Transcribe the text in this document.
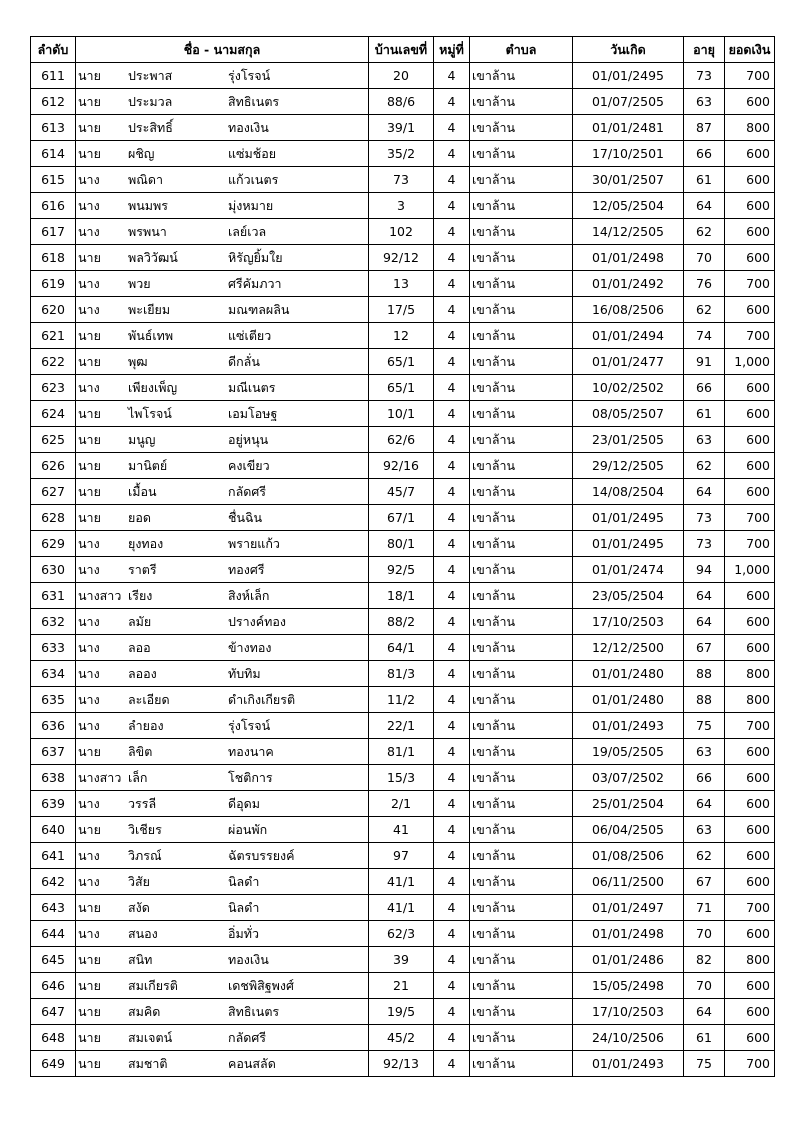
ลำดับ	ชื่อ - นามสกุล	บ้านเลขที่	หมู่ที่	ตำบล	วันเกิด	อายุ	ยอดเงิน
611	นาย ประพาส รุ่งโรจน์	20	4	เขาล้าน	01/01/2495	73	700
612	นาย ประมวล สิทธิเนตร	88/6	4	เขาล้าน	01/07/2505	63	600
613	นาย ประสิทธิ์ ทองเงิน	39/1	4	เขาล้าน	01/01/2481	87	800
614	นาย ผชิญ แซ่มช้อย	35/2	4	เขาล้าน	17/10/2501	66	600
615	นาง พณิดา แก้วเนตร	73	4	เขาล้าน	30/01/2507	61	600
616	นาง พนมพร มุ่งหมาย	3	4	เขาล้าน	12/05/2504	64	600
617	นาง พรพนา เลย์เวล	102	4	เขาล้าน	14/12/2505	62	600
618	นาย พลวิวัฒน์ หิรัญยิ้มใย	92/12	4	เขาล้าน	01/01/2498	70	600
619	นาง พวย ศรีคัมภวา	13	4	เขาล้าน	01/01/2492	76	700
620	นาง พะเยียม มณฑลผลิน	17/5	4	เขาล้าน	16/08/2506	62	600
621	นาย พันธ์เทพ แซ่เตียว	12	4	เขาล้าน	01/01/2494	74	700
622	นาย พุฒ ดีกลั่น	65/1	4	เขาล้าน	01/01/2477	91	1,000
623	นาง เพียงเพ็ญ มณีเนตร	65/1	4	เขาล้าน	10/02/2502	66	600
624	นาย ไพโรจน์ เอมโอษฐ	10/1	4	เขาล้าน	08/05/2507	61	600
625	นาย มนูญ อยู่หนุน	62/6	4	เขาล้าน	23/01/2505	63	600
626	นาย มานิตย์ คงเขียว	92/16	4	เขาล้าน	29/12/2505	62	600
627	นาย เมื้อน กลัดศรี	45/7	4	เขาล้าน	14/08/2504	64	600
628	นาย ยอด ชื่นฉิน	67/1	4	เขาล้าน	01/01/2495	73	700
629	นาง ยุงทอง พรายแก้ว	80/1	4	เขาล้าน	01/01/2495	73	700
630	นาง ราตรี ทองศรี	92/5	4	เขาล้าน	01/01/2474	94	1,000
631	นางสาว เรียง สิงห์เล็ก	18/1	4	เขาล้าน	23/05/2504	64	600
632	นาง ลมัย ปรางค์ทอง	88/2	4	เขาล้าน	17/10/2503	64	600
633	นาง ลออ ข้างทอง	64/1	4	เขาล้าน	12/12/2500	67	600
634	นาง ลออง ทับทิม	81/3	4	เขาล้าน	01/01/2480	88	800
635	นาง ละเอียด ดำเกิงเกียรติ	11/2	4	เขาล้าน	01/01/2480	88	800
636	นาง ลำยอง รุ่งโรจน์	22/1	4	เขาล้าน	01/01/2493	75	700
637	นาย ลิขิต ทองนาค	81/1	4	เขาล้าน	19/05/2505	63	600
638	นางสาว เล็ก โชติการ	15/3	4	เขาล้าน	03/07/2502	66	600
639	นาง วรรลี ดีอุดม	2/1	4	เขาล้าน	25/01/2504	64	600
640	นาย วิเชียร ผ่อนพัก	41	4	เขาล้าน	06/04/2505	63	600
641	นาง วิภรณ์ ฉัตรบรรยงค์	97	4	เขาล้าน	01/08/2506	62	600
642	นาง วิสัย นิลดำ	41/1	4	เขาล้าน	06/11/2500	67	600
643	นาย สงัด นิลดำ	41/1	4	เขาล้าน	01/01/2497	71	700
644	นาง สนอง อิ่มทั่ว	62/3	4	เขาล้าน	01/01/2498	70	600
645	นาย สนิท ทองเงิน	39	4	เขาล้าน	01/01/2486	82	800
646	นาย สมเกียรติ เดชพิสิฐพงศ์	21	4	เขาล้าน	15/05/2498	70	600
647	นาย สมคิด สิทธิเนตร	19/5	4	เขาล้าน	17/10/2503	64	600
648	นาย สมเจตน์ กลัดศรี	45/2	4	เขาล้าน	24/10/2506	61	600
649	นาย สมชาติ คอนสลัด	92/13	4	เขาล้าน	01/01/2493	75	700
